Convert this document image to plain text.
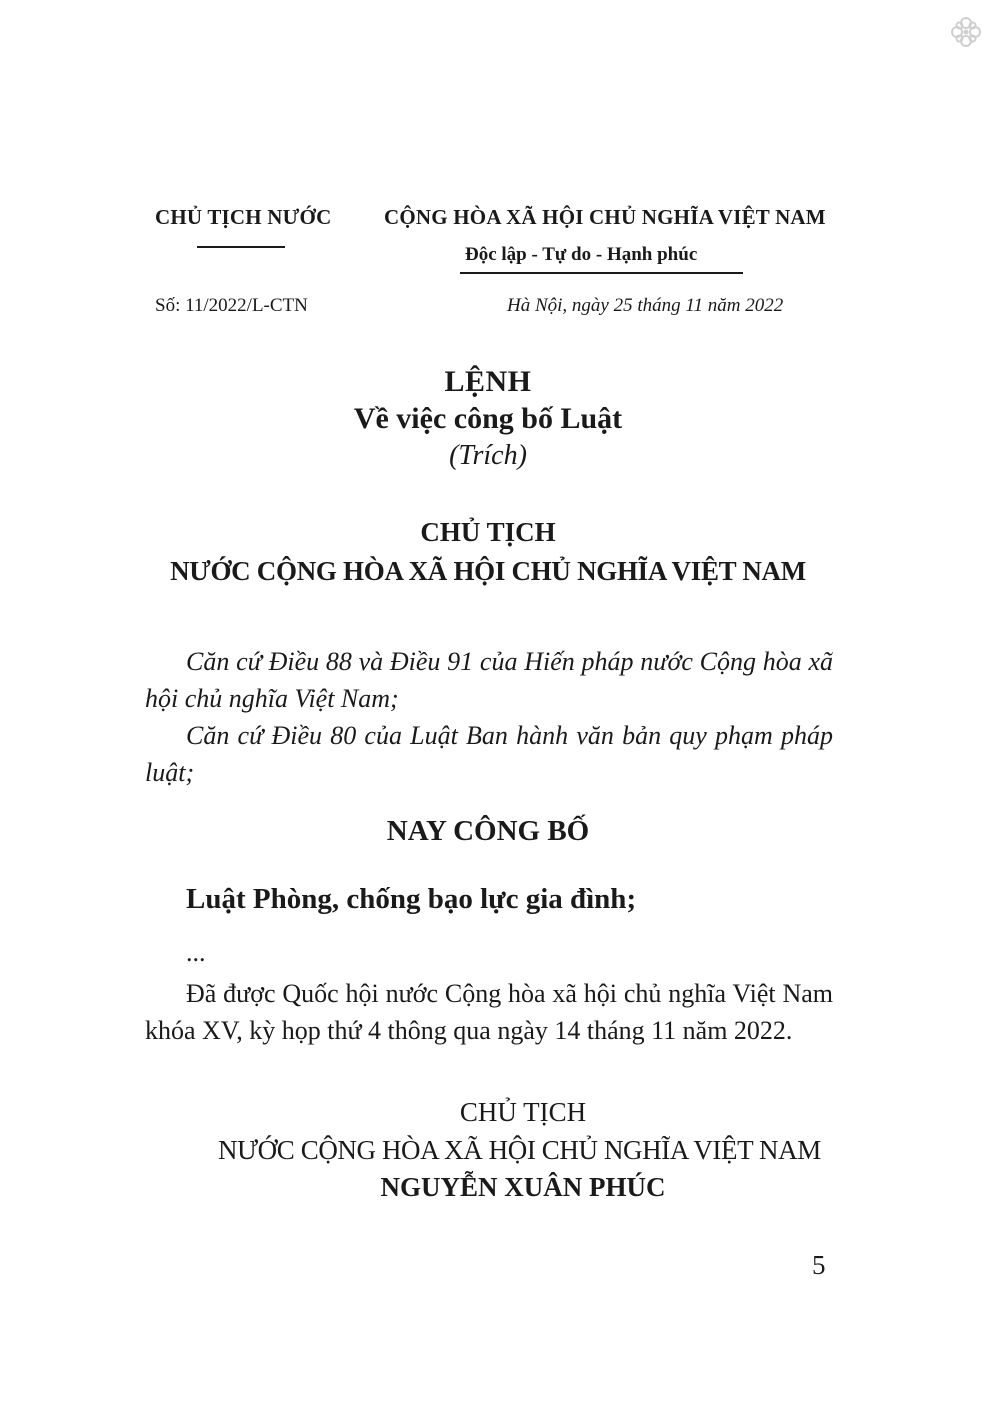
CHỦ TỊCH NƯỚC	CỘNG HÒA XÃ HỘI CHỦ NGHĨA VIỆT NAM

Độc lập - Tự do - Hạnh phúc

Số: 11/2022/L-CTN	Hà Nội, ngày 25 tháng 11 năm 2022

LỆNH

Về việc công bố Luật

(Trích)

CHỦ TỊCH

NƯỚC CỘNG HÒA XÃ HỘI CHỦ NGHĨA VIỆT NAM

Căn cứ Điều 88 và Điều 91 của Hiến pháp nước Cộng hòa xã hội chủ nghĩa Việt Nam;

Căn cứ Điều 80 của Luật Ban hành văn bản quy phạm pháp luật;

NAY CÔNG BỐ

Luật Phòng, chống bạo lực gia đình;

...

Đã được Quốc hội nước Cộng hòa xã hội chủ nghĩa Việt Nam khóa XV, kỳ họp thứ 4 thông qua ngày 14 tháng 11 năm 2022.

CHỦ TỊCH

NƯỚC CỘNG HÒA XÃ HỘI CHỦ NGHĨA VIỆT NAM

NGUYỄN XUÂN PHÚC

5
